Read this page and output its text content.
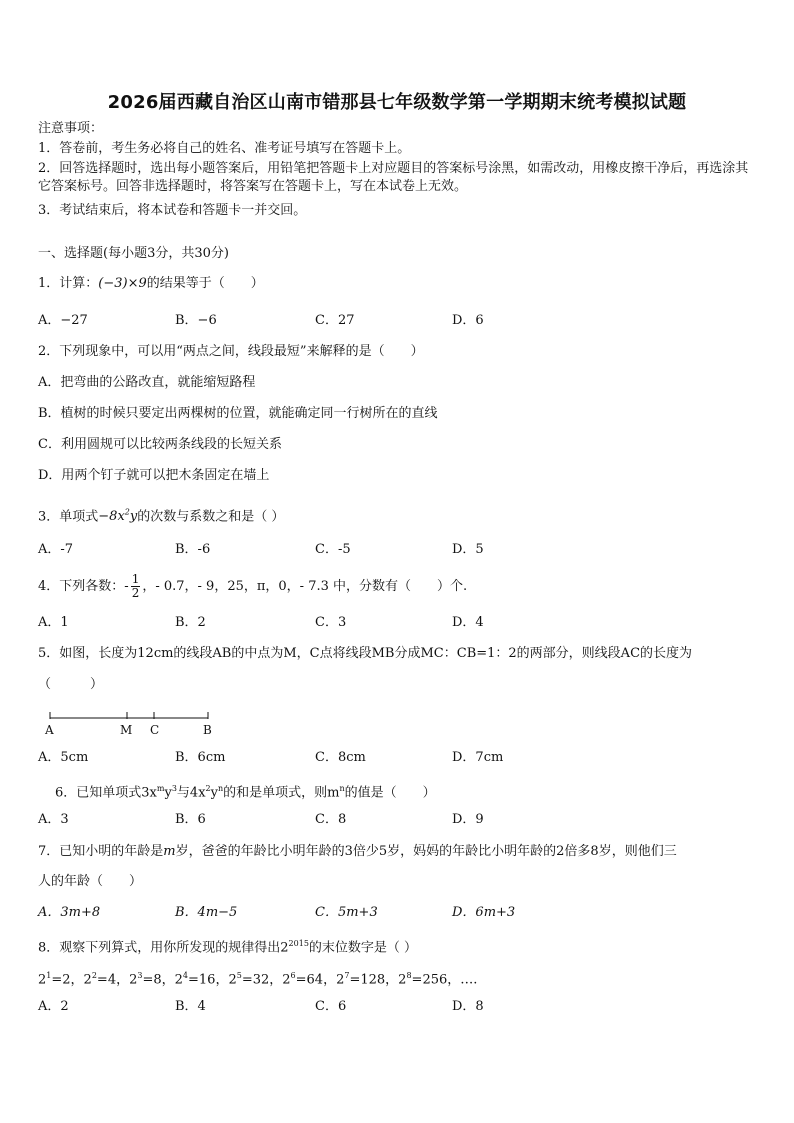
2026届西藏自治区山南市错那县七年级数学第一学期期末统考模拟试题
注意事项：
1．答卷前，考生务必将自己的姓名、准考证号填写在答题卡上。
2．回答选择题时，选出每小题答案后，用铅笔把答题卡上对应题目的答案标号涂黑，如需改动，用橡皮擦干净后，再选涂其它答案标号。回答非选择题时，将答案写在答题卡上，写在本试卷上无效。
3．考试结束后，将本试卷和答题卡一并交回。
一、选择题(每小题3分，共30分)
1．计算：(−3)×9的结果等于（　　）
A．−27	B．−6	C．27	D．6
2．下列现象中，可以用“两点之间，线段最短”来解释的是（　　）
A．把弯曲的公路改直，就能缩短路程
B．植树的时候只要定出两棵树的位置，就能确定同一行树所在的直线
C．利用圆规可以比较两条线段的长短关系
D．用两个钉子就可以把木条固定在墙上
3．单项式$-8x^2y$的次数与系数之和是（ ）
A．-7	B．-6	C．-5	D．5
4．下列各数：- $\frac{1}{2}$ ，- 0.7，- 9，25，π，0，- 7.3 中，分数有（　　）个.
A．1	B．2	C．3	D．4
5．如图，长度为12cm的线段AB的中点为M，C点将线段MB分成MC：CB=1：2的两部分，则线段AC的长度为
（　　　）
A	M C	B
A．5cm	B．6cm	C．8cm	D．7cm
6．已知单项式$3x^my^3$与$4x^2y^n$的和是单项式，则$m^n$的值是（　　）
A．3	B．6	C．8	D．9
7．已知小明的年龄是m岁，爸爸的年龄比小明年龄的3倍少5岁，妈妈的年龄比小明年龄的2倍多8岁，则他们三
人的年龄（　　）
A．3m+8	B．4m−5	C．5m+3	D．6m+3
8．观察下列算式，用你所发现的规律得出$2^{2015}$的末位数字是（ ）
$2^1=2$，$2^2=4$，$2^3=8$，$2^4=16$，$2^5=32$，$2^6=64$，$2^7=128$，$2^8=256$，….
A．2	B．4	C．6	D．8
